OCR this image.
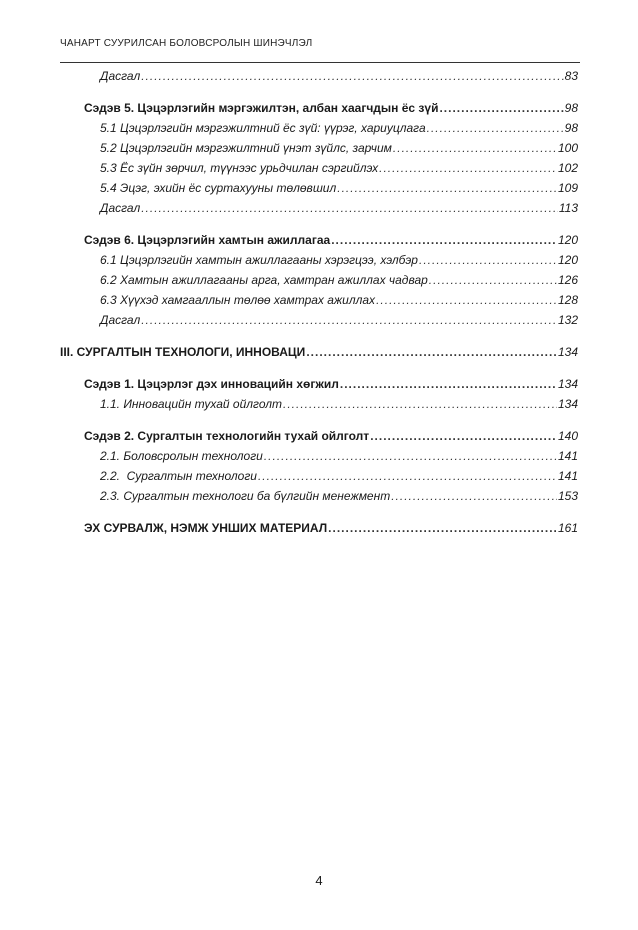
ЧАНАРТ СУУРИЛСАН БОЛОВСРОЛЫН ШИНЭЧЛЭЛ
Дасгал .....	83
Сэдэв 5. Цэцэрлэгийн мэргэжилтэн, албан хаагчдын ёс зүй .....	98
5.1 Цэцэрлэгийн мэргэжилтний ёс зүй: үүрэг, хариуцлага .....	98
5.2 Цэцэрлэгийн мэргэжилтний үнэт зүйлс, зарчим .....	100
5.3 Ёс зүйн зөрчил, түүнээс урьдчилан сэргийлэх .....	102
5.4 Эцэг, эхийн ёс суртахууны төлөвшил .....	109
Дасгал .....	113
Сэдэв 6. Цэцэрлэгийн хамтын ажиллагаа .....	120
6.1 Цэцэрлэгийн хамтын ажиллагааны хэрэгцээ, хэлбэр .....	120
6.2 Хамтын ажиллагааны арга, хамтран ажиллах чадвар .....	126
6.3 Хүүхэд хамгааллын төлөө хамтрах ажиллах .....	128
Дасгал .....	132
III. СУРГАЛТЫН ТЕХНОЛОГИ, ИННОВАЦИ .....	134
Сэдэв 1. Цэцэрлэг дэх инновацийн хөгжил .....	134
1.1. Инновацийн тухай ойлголт .....	134
Сэдэв 2. Сургалтын технологийн тухай ойлголт .....	140
2.1. Боловсролын технологи .....	141
2.2.  Сургалтын технологи .....	141
2.3. Сургалтын технологи ба бүлгийн менежмент .....	153
ЭХ СУРВАЛЖ, НЭМЖ УНШИХ МАТЕРИАЛ .....	161
4
